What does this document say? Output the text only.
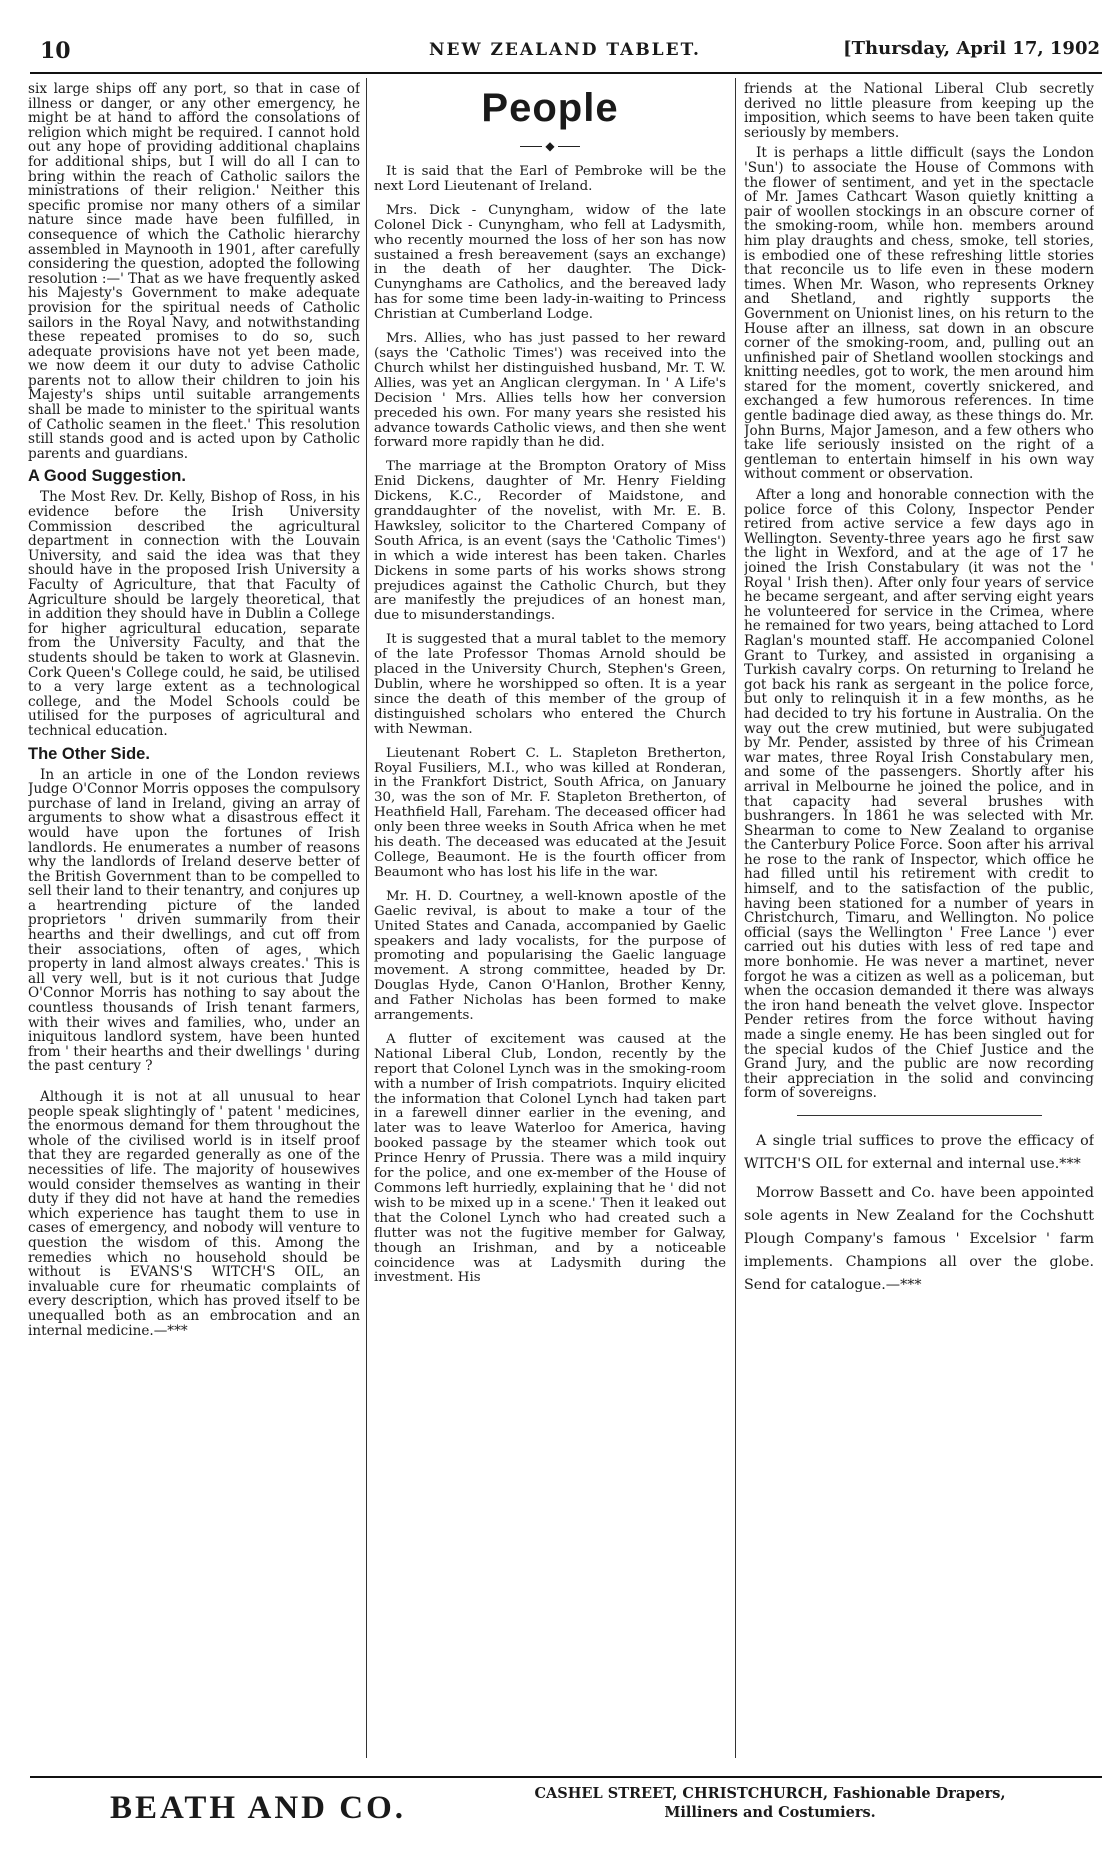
10	NEW ZEALAND TABLET.	[Thursday, April 17, 1902

six large ships off any port, so that in case of illness or danger, or any other emergency, he might be at hand to afford the consolations of religion which might be required. I cannot hold out any hope of providing additional chaplains for additional ships, but I will do all I can to bring within the reach of Catholic sailors the ministrations of their religion.' Neither this specific promise nor many others of a similar nature since made have been fulfilled, in consequence of which the Catholic hierarchy assembled in Maynooth in 1901, after carefully considering the question, adopted the following resolution :—' That as we have frequently asked his Majesty's Government to make adequate provision for the spiritual needs of Catholic sailors in the Royal Navy, and notwithstanding these repeated promises to do so, such adequate provisions have not yet been made, we now deem it our duty to advise Catholic parents not to allow their children to join his Majesty's ships until suitable arrangements shall be made to minister to the spiritual wants of Catholic seamen in the fleet.' This resolution still stands good and is acted upon by Catholic parents and guardians.

A Good Suggestion.

The Most Rev. Dr. Kelly, Bishop of Ross, in his evidence before the Irish University Commission described the agricultural department in connection with the Louvain University, and said the idea was that they should have in the proposed Irish University a Faculty of Agriculture, that that Faculty of Agriculture should be largely theoretical, that in addition they should have in Dublin a College for higher agricultural education, separate from the University Faculty, and that the students should be taken to work at Glasnevin. Cork Queen's College could, he said, be utilised to a very large extent as a technological college, and the Model Schools could be utilised for the purposes of agricultural and technical education.

The Other Side.

In an article in one of the London reviews Judge O'Connor Morris opposes the compulsory purchase of land in Ireland, giving an array of arguments to show what a disastrous effect it would have upon the fortunes of Irish landlords. He enumerates a number of reasons why the landlords of Ireland deserve better of the British Government than to be compelled to sell their land to their tenantry, and conjures up a heartrending picture of the landed proprietors ' driven summarily from their hearths and their dwellings, and cut off from their associations, often of ages, which property in land almost always creates.' This is all very well, but is it not curious that Judge O'Connor Morris has nothing to say about the countless thousands of Irish tenant farmers, with their wives and families, who, under an iniquitous landlord system, have been hunted from ' their hearths and their dwellings ' during the past century ?

Although it is not at all unusual to hear people speak slightingly of ' patent ' medicines, the enormous demand for them throughout the whole of the civilised world is in itself proof that they are regarded generally as one of the necessities of life. The majority of housewives would consider themselves as wanting in their duty if they did not have at hand the remedies which experience has taught them to use in cases of emergency, and nobody will venture to question the wisdom of this. Among the remedies which no household should be without is EVANS'S WITCH'S OIL, an invaluable cure for rheumatic complaints of every description, which has proved itself to be unequalled both as an embrocation and an internal medicine.—***

People
◆

It is said that the Earl of Pembroke will be the next Lord Lieutenant of Ireland.

Mrs. Dick - Cunyngham, widow of the late Colonel Dick - Cunyngham, who fell at Ladysmith, who recently mourned the loss of her son has now sustained a fresh bereavement (says an exchange) in the death of her daughter. The Dick-Cunynghams are Catholics, and the bereaved lady has for some time been lady-in-waiting to Princess Christian at Cumberland Lodge.

Mrs. Allies, who has just passed to her reward (says the 'Catholic Times') was received into the Church whilst her distinguished husband, Mr. T. W. Allies, was yet an Anglican clergyman. In ' A Life's Decision ' Mrs. Allies tells how her conversion preceded his own. For many years she resisted his advance towards Catholic views, and then she went forward more rapidly than he did.

The marriage at the Brompton Oratory of Miss Enid Dickens, daughter of Mr. Henry Fielding Dickens, K.C., Recorder of Maidstone, and granddaughter of the novelist, with Mr. E. B. Hawksley, solicitor to the Chartered Company of South Africa, is an event (says the 'Catholic Times') in which a wide interest has been taken. Charles Dickens in some parts of his works shows strong prejudices against the Catholic Church, but they are manifestly the prejudices of an honest man, due to misunderstandings.

It is suggested that a mural tablet to the memory of the late Professor Thomas Arnold should be placed in the University Church, Stephen's Green, Dublin, where he worshipped so often. It is a year since the death of this member of the group of distinguished scholars who entered the Church with Newman.

Lieutenant Robert C. L. Stapleton Bretherton, Royal Fusiliers, M.I., who was killed at Ronderan, in the Frankfort District, South Africa, on January 30, was the son of Mr. F. Stapleton Bretherton, of Heathfield Hall, Fareham. The deceased officer had only been three weeks in South Africa when he met his death. The deceased was educated at the Jesuit College, Beaumont. He is the fourth officer from Beaumont who has lost his life in the war.

Mr. H. D. Courtney, a well-known apostle of the Gaelic revival, is about to make a tour of the United States and Canada, accompanied by Gaelic speakers and lady vocalists, for the purpose of promoting and popularising the Gaelic language movement. A strong committee, headed by Dr. Douglas Hyde, Canon O'Hanlon, Brother Kenny, and Father Nicholas has been formed to make arrangements.

A flutter of excitement was caused at the National Liberal Club, London, recently by the report that Colonel Lynch was in the smoking-room with a number of Irish compatriots. Inquiry elicited the information that Colonel Lynch had taken part in a farewell dinner earlier in the evening, and later was to leave Waterloo for America, having booked passage by the steamer which took out Prince Henry of Prussia. There was a mild inquiry for the police, and one ex-member of the House of Commons left hurriedly, explaining that he ' did not wish to be mixed up in a scene.' Then it leaked out that the Colonel Lynch who had created such a flutter was not the fugitive member for Galway, though an Irishman, and by a noticeable coincidence was at Ladysmith during the investment. His

friends at the National Liberal Club secretly derived no little pleasure from keeping up the imposition, which seems to have been taken quite seriously by members.

It is perhaps a little difficult (says the London 'Sun') to associate the House of Commons with the flower of sentiment, and yet in the spectacle of Mr. James Cathcart Wason quietly knitting a pair of woollen stockings in an obscure corner of the smoking-room, while hon. members around him play draughts and chess, smoke, tell stories, is embodied one of these refreshing little stories that reconcile us to life even in these modern times. When Mr. Wason, who represents Orkney and Shetland, and rightly supports the Government on Unionist lines, on his return to the House after an illness, sat down in an obscure corner of the smoking-room, and, pulling out an unfinished pair of Shetland woollen stockings and knitting needles, got to work, the men around him stared for the moment, covertly snickered, and exchanged a few humorous references. In time gentle badinage died away, as these things do. Mr. John Burns, Major Jameson, and a few others who take life seriously insisted on the right of a gentleman to entertain himself in his own way without comment or observation.

After a long and honorable connection with the police force of this Colony, Inspector Pender retired from active service a few days ago in Wellington. Seventy-three years ago he first saw the light in Wexford, and at the age of 17 he joined the Irish Constabulary (it was not the ' Royal ' Irish then). After only four years of service he became sergeant, and after serving eight years he volunteered for service in the Crimea, where he remained for two years, being attached to Lord Raglan's mounted staff. He accompanied Colonel Grant to Turkey, and assisted in organising a Turkish cavalry corps. On returning to Ireland he got back his rank as sergeant in the police force, but only to relinquish it in a few months, as he had decided to try his fortune in Australia. On the way out the crew mutinied, but were subjugated by Mr. Pender, assisted by three of his Crimean war mates, three Royal Irish Constabulary men, and some of the passengers. Shortly after his arrival in Melbourne he joined the police, and in that capacity had several brushes with bushrangers. In 1861 he was selected with Mr. Shearman to come to New Zealand to organise the Canterbury Police Force. Soon after his arrival he rose to the rank of Inspector, which office he had filled until his retirement with credit to himself, and to the satisfaction of the public, having been stationed for a number of years in Christchurch, Timaru, and Wellington. No police official (says the Wellington ' Free Lance ') ever carried out his duties with less of red tape and more bonhomie. He was never a martinet, never forgot he was a citizen as well as a policeman, but when the occasion demanded it there was always the iron hand beneath the velvet glove. Inspector Pender retires from the force without having made a single enemy. He has been singled out for the special kudos of the Chief Justice and the Grand Jury, and the public are now recording their appreciation in the solid and convincing form of sovereigns.

A single trial suffices to prove the efficacy of WITCH'S OIL for external and internal use.***

Morrow Bassett and Co. have been appointed sole agents in New Zealand for the Cochshutt Plough Company's famous ' Excelsior ' farm implements. Champions all over the globe. Send for catalogue.—***

BEATH AND CO.	CASHEL STREET, CHRISTCHURCH, Fashionable Drapers,
Milliners and Costumiers.
